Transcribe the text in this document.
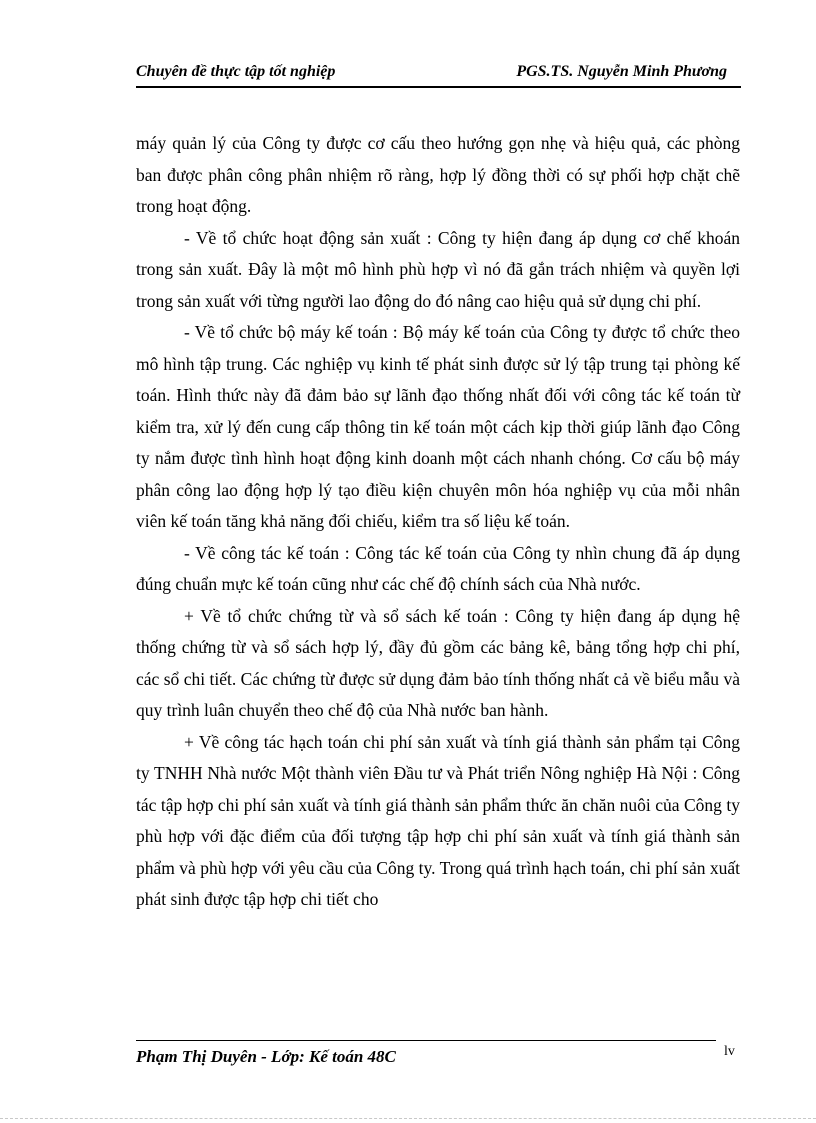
Chuyên đề thực tập tốt nghiệp	PGS.TS. Nguyễn Minh Phương

máy quản lý của Công ty được cơ cấu theo hướng gọn nhẹ và hiệu quả, các phòng ban được phân công phân nhiệm rõ ràng, hợp lý đồng thời có sự phối hợp chặt chẽ trong hoạt động.

- Về tổ chức hoạt động sản xuất : Công ty hiện đang áp dụng cơ chế khoán trong sản xuất. Đây là một mô hình phù hợp vì nó đã gắn trách nhiệm và quyền lợi trong sản xuất với từng người lao động do đó nâng cao hiệu quả sử dụng chi phí.

- Về tổ chức bộ máy kế toán : Bộ máy kế toán của Công ty được tổ chức theo mô hình tập trung. Các nghiệp vụ kinh tế phát sinh được sử lý tập trung tại phòng kế toán. Hình thức này đã đảm bảo sự lãnh đạo thống nhất đối với công tác kế toán từ kiểm tra, xử lý đến cung cấp thông tin kế toán một cách kịp thời giúp lãnh đạo Công ty nắm được tình hình hoạt động kinh doanh một cách nhanh chóng. Cơ cấu bộ máy phân công lao động hợp lý tạo điều kiện chuyên môn hóa nghiệp vụ của mỗi nhân viên kế toán tăng khả năng đối chiếu, kiểm tra số liệu kế toán.

- Về công tác kế toán : Công tác kế toán của Công ty nhìn chung đã áp dụng đúng chuẩn mực kế toán cũng như các chế độ chính sách của Nhà nước.

+ Về tổ chức chứng từ và sổ sách kế toán : Công ty hiện đang áp dụng hệ thống chứng từ và sổ sách hợp lý, đầy đủ gồm các bảng kê, bảng tổng hợp chi phí, các sổ chi tiết. Các chứng từ được sử dụng đảm bảo tính thống nhất cả về biểu mẫu và quy trình luân chuyển theo chế độ của Nhà nước ban hành.

+ Về công tác hạch toán chi phí sản xuất và tính giá thành sản phẩm tại Công ty TNHH Nhà nước Một thành viên Đầu tư và Phát triển Nông nghiệp Hà Nội : Công tác tập hợp chi phí sản xuất và tính giá thành sản phẩm thức ăn chăn nuôi của Công ty phù hợp với đặc điểm của đối tượng tập hợp chi phí sản xuất và tính giá thành sản phẩm và phù hợp với yêu cầu của Công ty. Trong quá trình hạch toán, chi phí sản xuất phát sinh được tập hợp chi tiết cho

Phạm Thị Duyên - Lớp: Kế toán 48C	lv
